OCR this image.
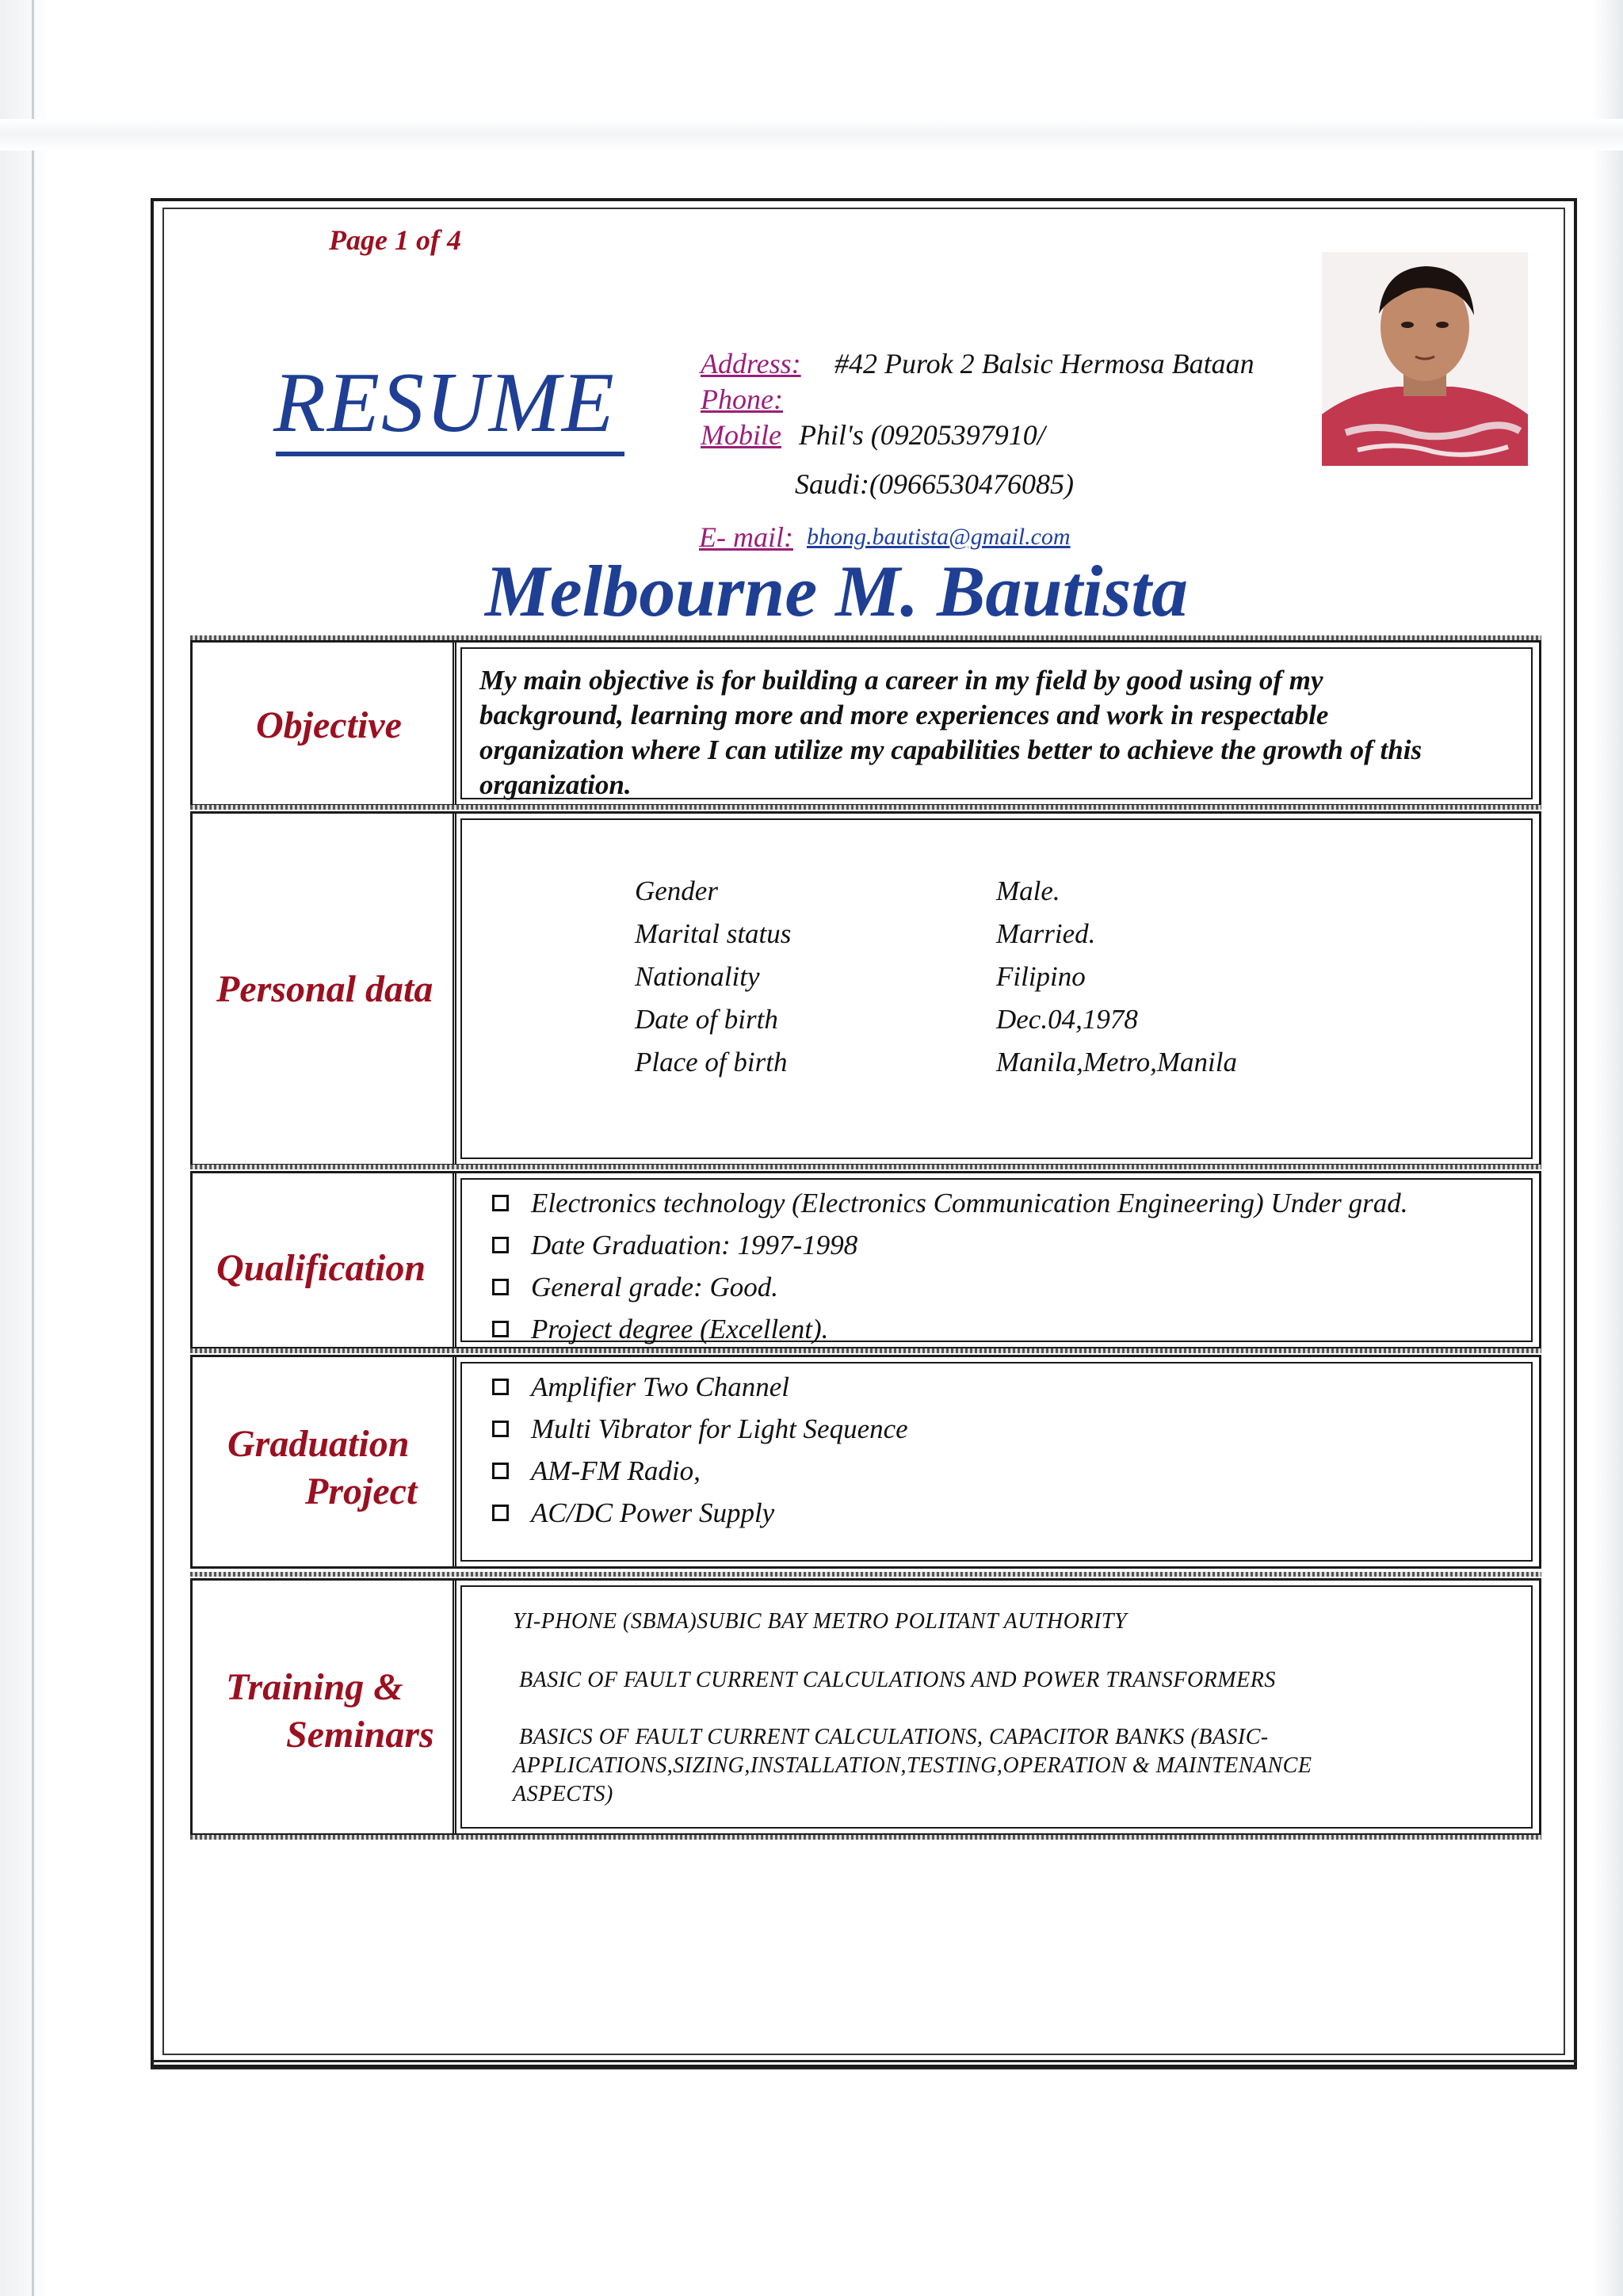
Page 1 of 4
RESUME	Address: #42 Purok 2 Balsic Hermosa Bataan
Phone:
Mobile Phil's (09205397910/
Saudi:(0966530476085)
E- mail: bhong.bautista@gmail.com
Melbourne M. Bautista
Objective
My main objective is for building a career in my field by good using of my
background, learning more and more experiences and work in respectable
organization where I can utilize my capabilities better to achieve the growth of this
organization.
Personal data
Gender	Male.
Marital status	Married.
Nationality	Filipino
Date of birth	Dec.04,1978
Place of birth	Manila,Metro,Manila
Qualification
Electronics technology (Electronics Communication Engineering) Under grad.
Date Graduation: 1997-1998
General grade: Good.
Project degree (Excellent).
Graduation
Project
Amplifier Two Channel
Multi Vibrator for Light Sequence
AM-FM Radio,
AC/DC Power Supply
Training &
Seminars
YI-PHONE (SBMA)SUBIC BAY METRO POLITANT AUTHORITY
BASIC OF FAULT CURRENT CALCULATIONS AND POWER TRANSFORMERS
BASICS OF FAULT CURRENT CALCULATIONS, CAPACITOR BANKS (BASIC-
APPLICATIONS,SIZING,INSTALLATION,TESTING,OPERATION & MAINTENANCE
ASPECTS)
